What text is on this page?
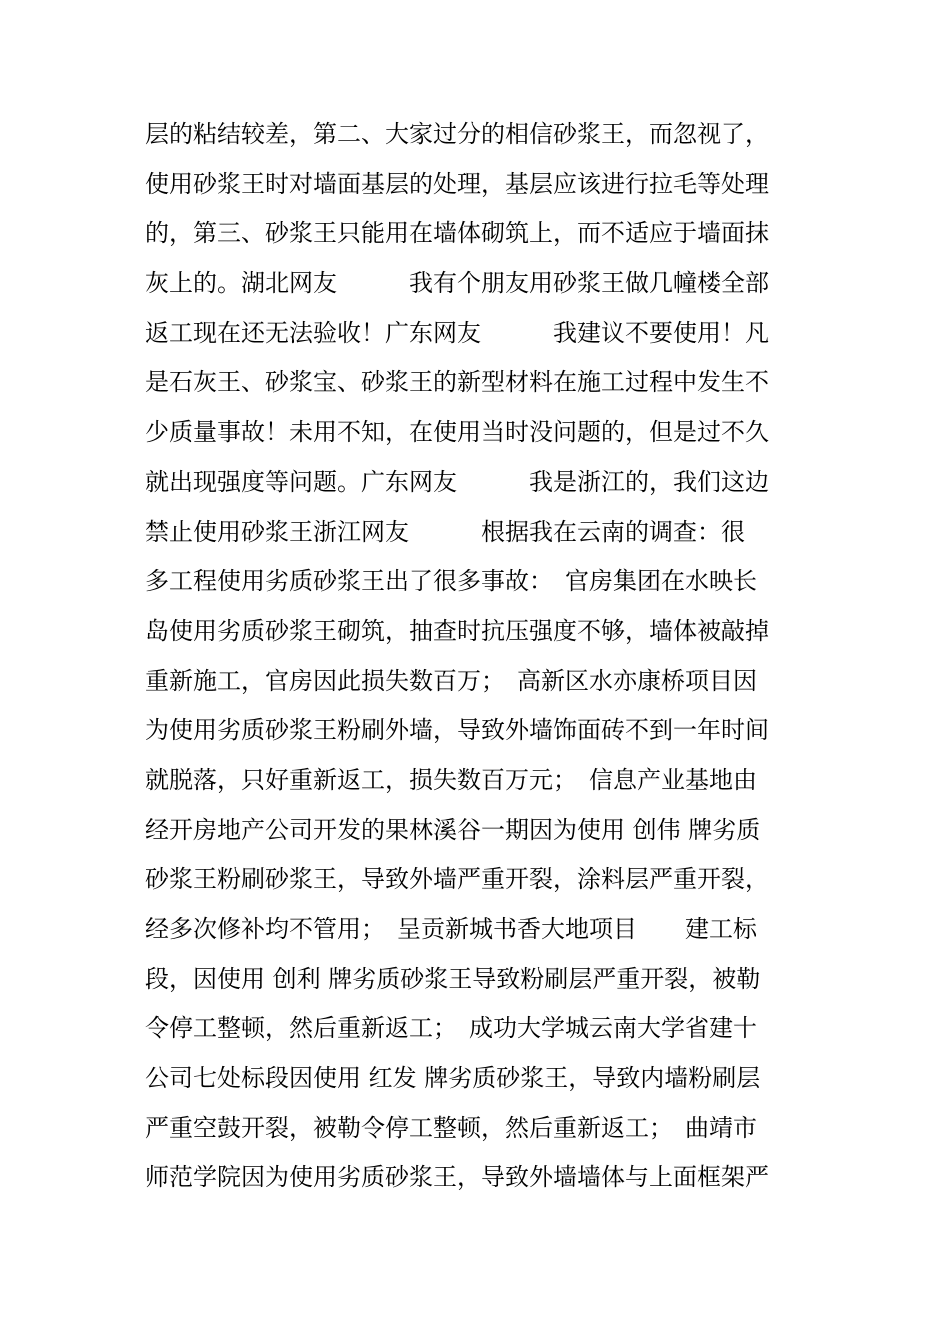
层的粘结较差，第二、大家过分的相信砂浆王，而忽视了，
使用砂浆王时对墙面基层的处理，基层应该进行拉毛等处理
的，第三、砂浆王只能用在墙体砌筑上，而不适应于墙面抹
灰上的。湖北网友　　　我有个朋友用砂浆王做几幢楼全部
返工现在还无法验收！广东网友　　　我建议不要使用！凡
是石灰王、砂浆宝、砂浆王的新型材料在施工过程中发生不
少质量事故！未用不知，在使用当时没问题的，但是过不久
就出现强度等问题。广东网友　　　我是浙江的，我们这边
禁止使用砂浆王浙江网友　　　根据我在云南的调查：很
多工程使用劣质砂浆王出了很多事故：　官房集团在水映长
岛使用劣质砂浆王砌筑，抽查时抗压强度不够，墙体被敲掉
重新施工，官房因此损失数百万；　高新区水亦康桥项目因
为使用劣质砂浆王粉刷外墙，导致外墙饰面砖不到一年时间
就脱落，只好重新返工，损失数百万元；　信息产业基地由
经开房地产公司开发的果林溪谷一期因为使用 创伟 牌劣质
砂浆王粉刷砂浆王，导致外墙严重开裂，涂料层严重开裂，
经多次修补均不管用；　呈贡新城书香大地项目　　建工标
段，因使用 创利 牌劣质砂浆王导致粉刷层严重开裂，被勒
令停工整顿，然后重新返工；　成功大学城云南大学省建十
公司七处标段因使用 红发 牌劣质砂浆王，导致内墙粉刷层
严重空鼓开裂，被勒令停工整顿，然后重新返工；　曲靖市
师范学院因为使用劣质砂浆王，导致外墙墙体与上面框架严
